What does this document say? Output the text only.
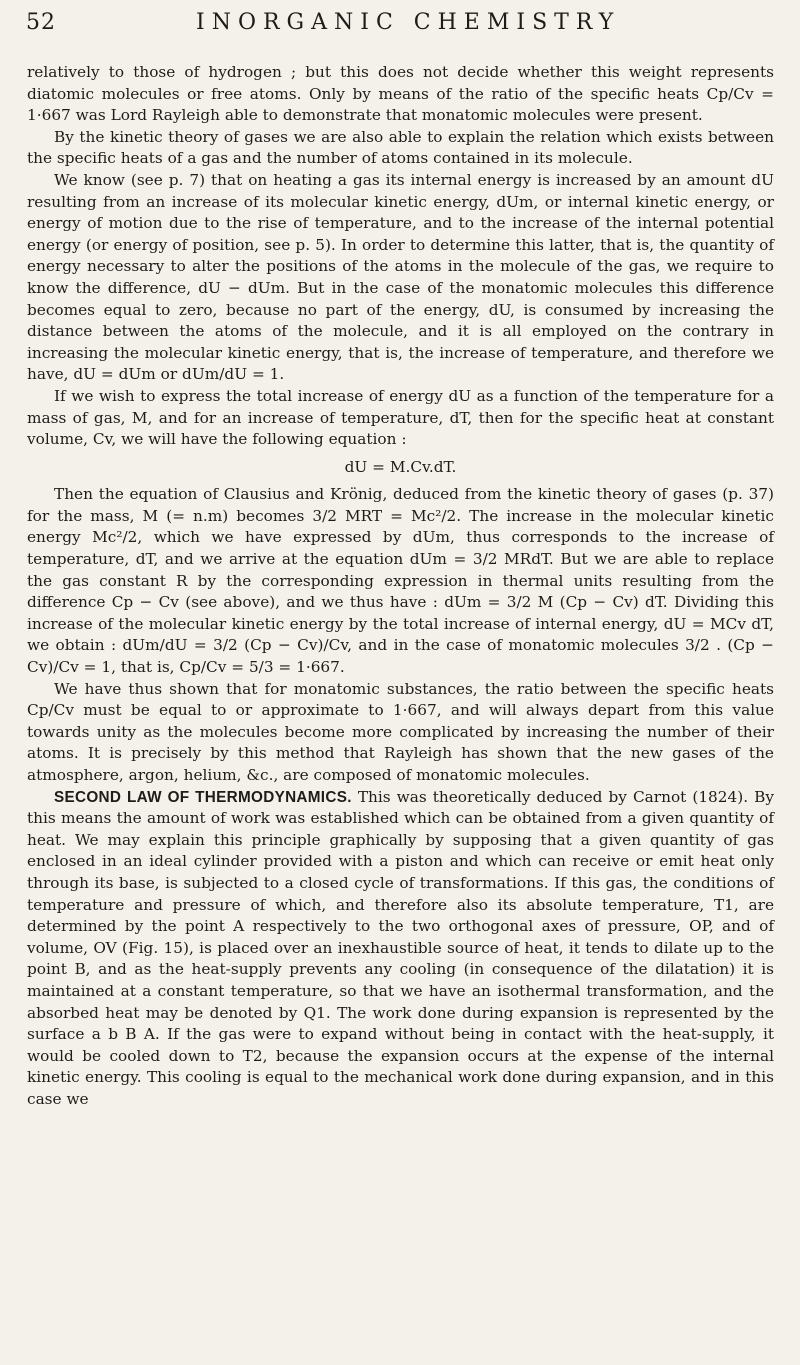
52	INORGANIC CHEMISTRY

relatively to those of hydrogen ; but this does not decide whether this weight represents diatomic molecules or free atoms. Only by means of the ratio of the specific heats Cp/Cv = 1·667 was Lord Rayleigh able to demonstrate that monatomic molecules were present.

By the kinetic theory of gases we are also able to explain the relation which exists between the specific heats of a gas and the number of atoms contained in its molecule.

We know (see p. 7) that on heating a gas its internal energy is increased by an amount dU resulting from an increase of its molecular kinetic energy, dUm, or internal kinetic energy, or energy of motion due to the rise of temperature, and to the increase of the internal potential energy (or energy of position, see p. 5). In order to determine this latter, that is, the quantity of energy necessary to alter the positions of the atoms in the molecule of the gas, we require to know the difference, dU − dUm. But in the case of the monatomic molecules this difference becomes equal to zero, because no part of the energy, dU, is consumed by increasing the distance between the atoms of the molecule, and it is all employed on the contrary in increasing the molecular kinetic energy, that is, the increase of temperature, and therefore we have, dU = dUm or dUm/dU = 1.

If we wish to express the total increase of energy dU as a function of the temperature for a mass of gas, M, and for an increase of temperature, dT, then for the specific heat at constant volume, Cv, we will have the following equation :

dU = M.Cv.dT.

Then the equation of Clausius and Krönig, deduced from the kinetic theory of gases (p. 37) for the mass, M (= n.m) becomes 3/2 MRT = Mc²/2. The increase in the molecular kinetic energy Mc²/2, which we have expressed by dUm, thus corresponds to the increase of temperature, dT, and we arrive at the equation dUm = 3/2 MRdT. But we are able to replace the gas constant R by the corresponding expression in thermal units resulting from the difference Cp − Cv (see above), and we thus have : dUm = 3/2 M (Cp − Cv) dT. Dividing this increase of the molecular kinetic energy by the total increase of internal energy, dU = MCv dT, we obtain : dUm/dU = 3/2 (Cp − Cv)/Cv, and in the case of monatomic molecules 3/2 . (Cp − Cv)/Cv = 1, that is, Cp/Cv = 5/3 = 1·667.

We have thus shown that for monatomic substances, the ratio between the specific heats Cp/Cv must be equal to or approximate to 1·667, and will always depart from this value towards unity as the molecules become more complicated by increasing the number of their atoms. It is precisely by this method that Rayleigh has shown that the new gases of the atmosphere, argon, helium, &c., are composed of monatomic molecules.

SECOND LAW OF THERMODYNAMICS. This was theoretically deduced by Carnot (1824). By this means the amount of work was established which can be obtained from a given quantity of heat. We may explain this principle graphically by supposing that a given quantity of gas enclosed in an ideal cylinder provided with a piston and which can receive or emit heat only through its base, is subjected to a closed cycle of transformations. If this gas, the conditions of temperature and pressure of which, and therefore also its absolute temperature, T1, are determined by the point A respectively to the two orthogonal axes of pressure, OP, and of volume, OV (Fig. 15), is placed over an inexhaustible source of heat, it tends to dilate up to the point B, and as the heat-supply prevents any cooling (in consequence of the dilatation) it is maintained at a constant temperature, so that we have an isothermal transformation, and the absorbed heat may be denoted by Q1. The work done during expansion is represented by the surface a b B A. If the gas were to expand without being in contact with the heat-supply, it would be cooled down to T2, because the expansion occurs at the expense of the internal kinetic energy. This cooling is equal to the mechanical work done during expansion, and in this case we
